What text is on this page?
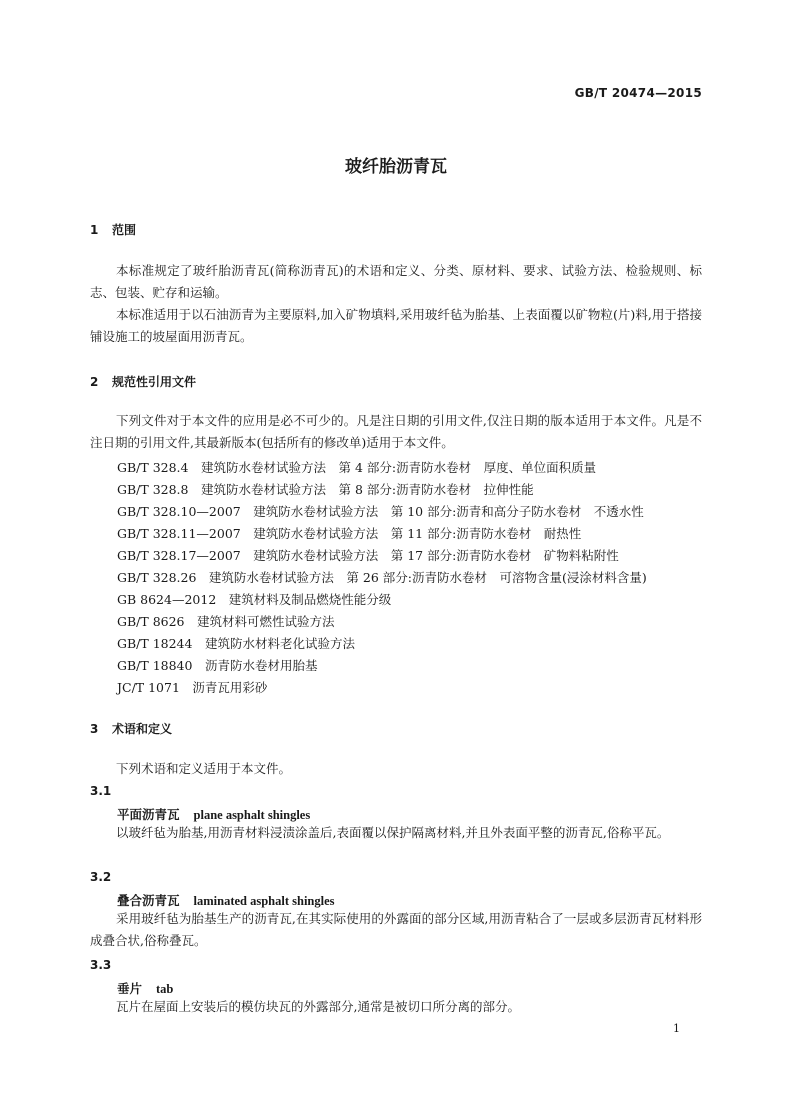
GB/T 20474—2015
玻纤胎沥青瓦
1 范围
本标准规定了玻纤胎沥青瓦(简称沥青瓦)的术语和定义、分类、原材料、要求、试验方法、检验规则、标志、包装、贮存和运输。
本标准适用于以石油沥青为主要原料,加入矿物填料,采用玻纤毡为胎基、上表面覆以矿物粒(片)料,用于搭接铺设施工的坡屋面用沥青瓦。
2 规范性引用文件
下列文件对于本文件的应用是必不可少的。凡是注日期的引用文件,仅注日期的版本适用于本文件。凡是不注日期的引用文件,其最新版本(包括所有的修改单)适用于本文件。
GB/T 328.4　建筑防水卷材试验方法　第 4 部分:沥青防水卷材　厚度、单位面积质量
GB/T 328.8　建筑防水卷材试验方法　第 8 部分:沥青防水卷材　拉伸性能
GB/T 328.10—2007　建筑防水卷材试验方法　第 10 部分:沥青和高分子防水卷材　不透水性
GB/T 328.11—2007　建筑防水卷材试验方法　第 11 部分:沥青防水卷材　耐热性
GB/T 328.17—2007　建筑防水卷材试验方法　第 17 部分:沥青防水卷材　矿物料粘附性
GB/T 328.26　建筑防水卷材试验方法　第 26 部分:沥青防水卷材　可溶物含量(浸涂材料含量)
GB 8624—2012　建筑材料及制品燃烧性能分级
GB/T 8626　建筑材料可燃性试验方法
GB/T 18244　建筑防水材料老化试验方法
GB/T 18840　沥青防水卷材用胎基
JC/T 1071　沥青瓦用彩砂
3 术语和定义
下列术语和定义适用于本文件。
3.1
平面沥青瓦 plane asphalt shingles
以玻纤毡为胎基,用沥青材料浸渍涂盖后,表面覆以保护隔离材料,并且外表面平整的沥青瓦,俗称平瓦。
3.2
叠合沥青瓦 laminated asphalt shingles
采用玻纤毡为胎基生产的沥青瓦,在其实际使用的外露面的部分区域,用沥青粘合了一层或多层沥青瓦材料形成叠合状,俗称叠瓦。
3.3
垂片 tab
瓦片在屋面上安装后的模仿块瓦的外露部分,通常是被切口所分离的部分。
1
